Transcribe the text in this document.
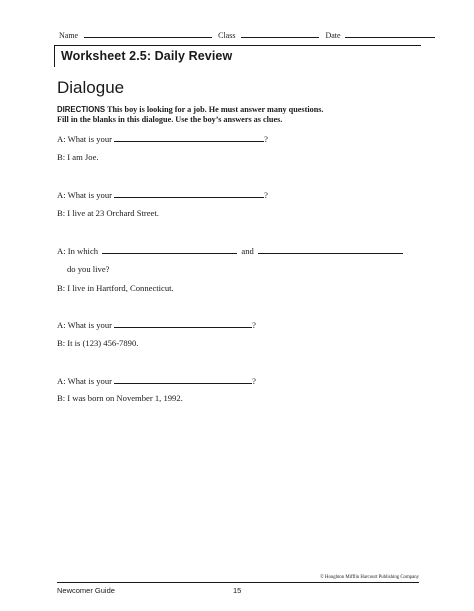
Name	Class	Date
Worksheet 2.5: Daily Review
Dialogue
DIRECTIONS This boy is looking for a job. He must answer many questions.
Fill in the blanks in this dialogue. Use the boy’s answers as clues.
A: What is your	?
B: I am Joe.
A: What is your	?
B: I live at 23 Orchard Street.
A: In which	and
do you live?
B: I live in Hartford, Connecticut.
A: What is your	?
B: It is (123) 456-7890.
A: What is your	?
B: I was born on November 1, 1992.
© Houghton Mifflin Harcourt Publishing Company
Newcomer Guide	15
